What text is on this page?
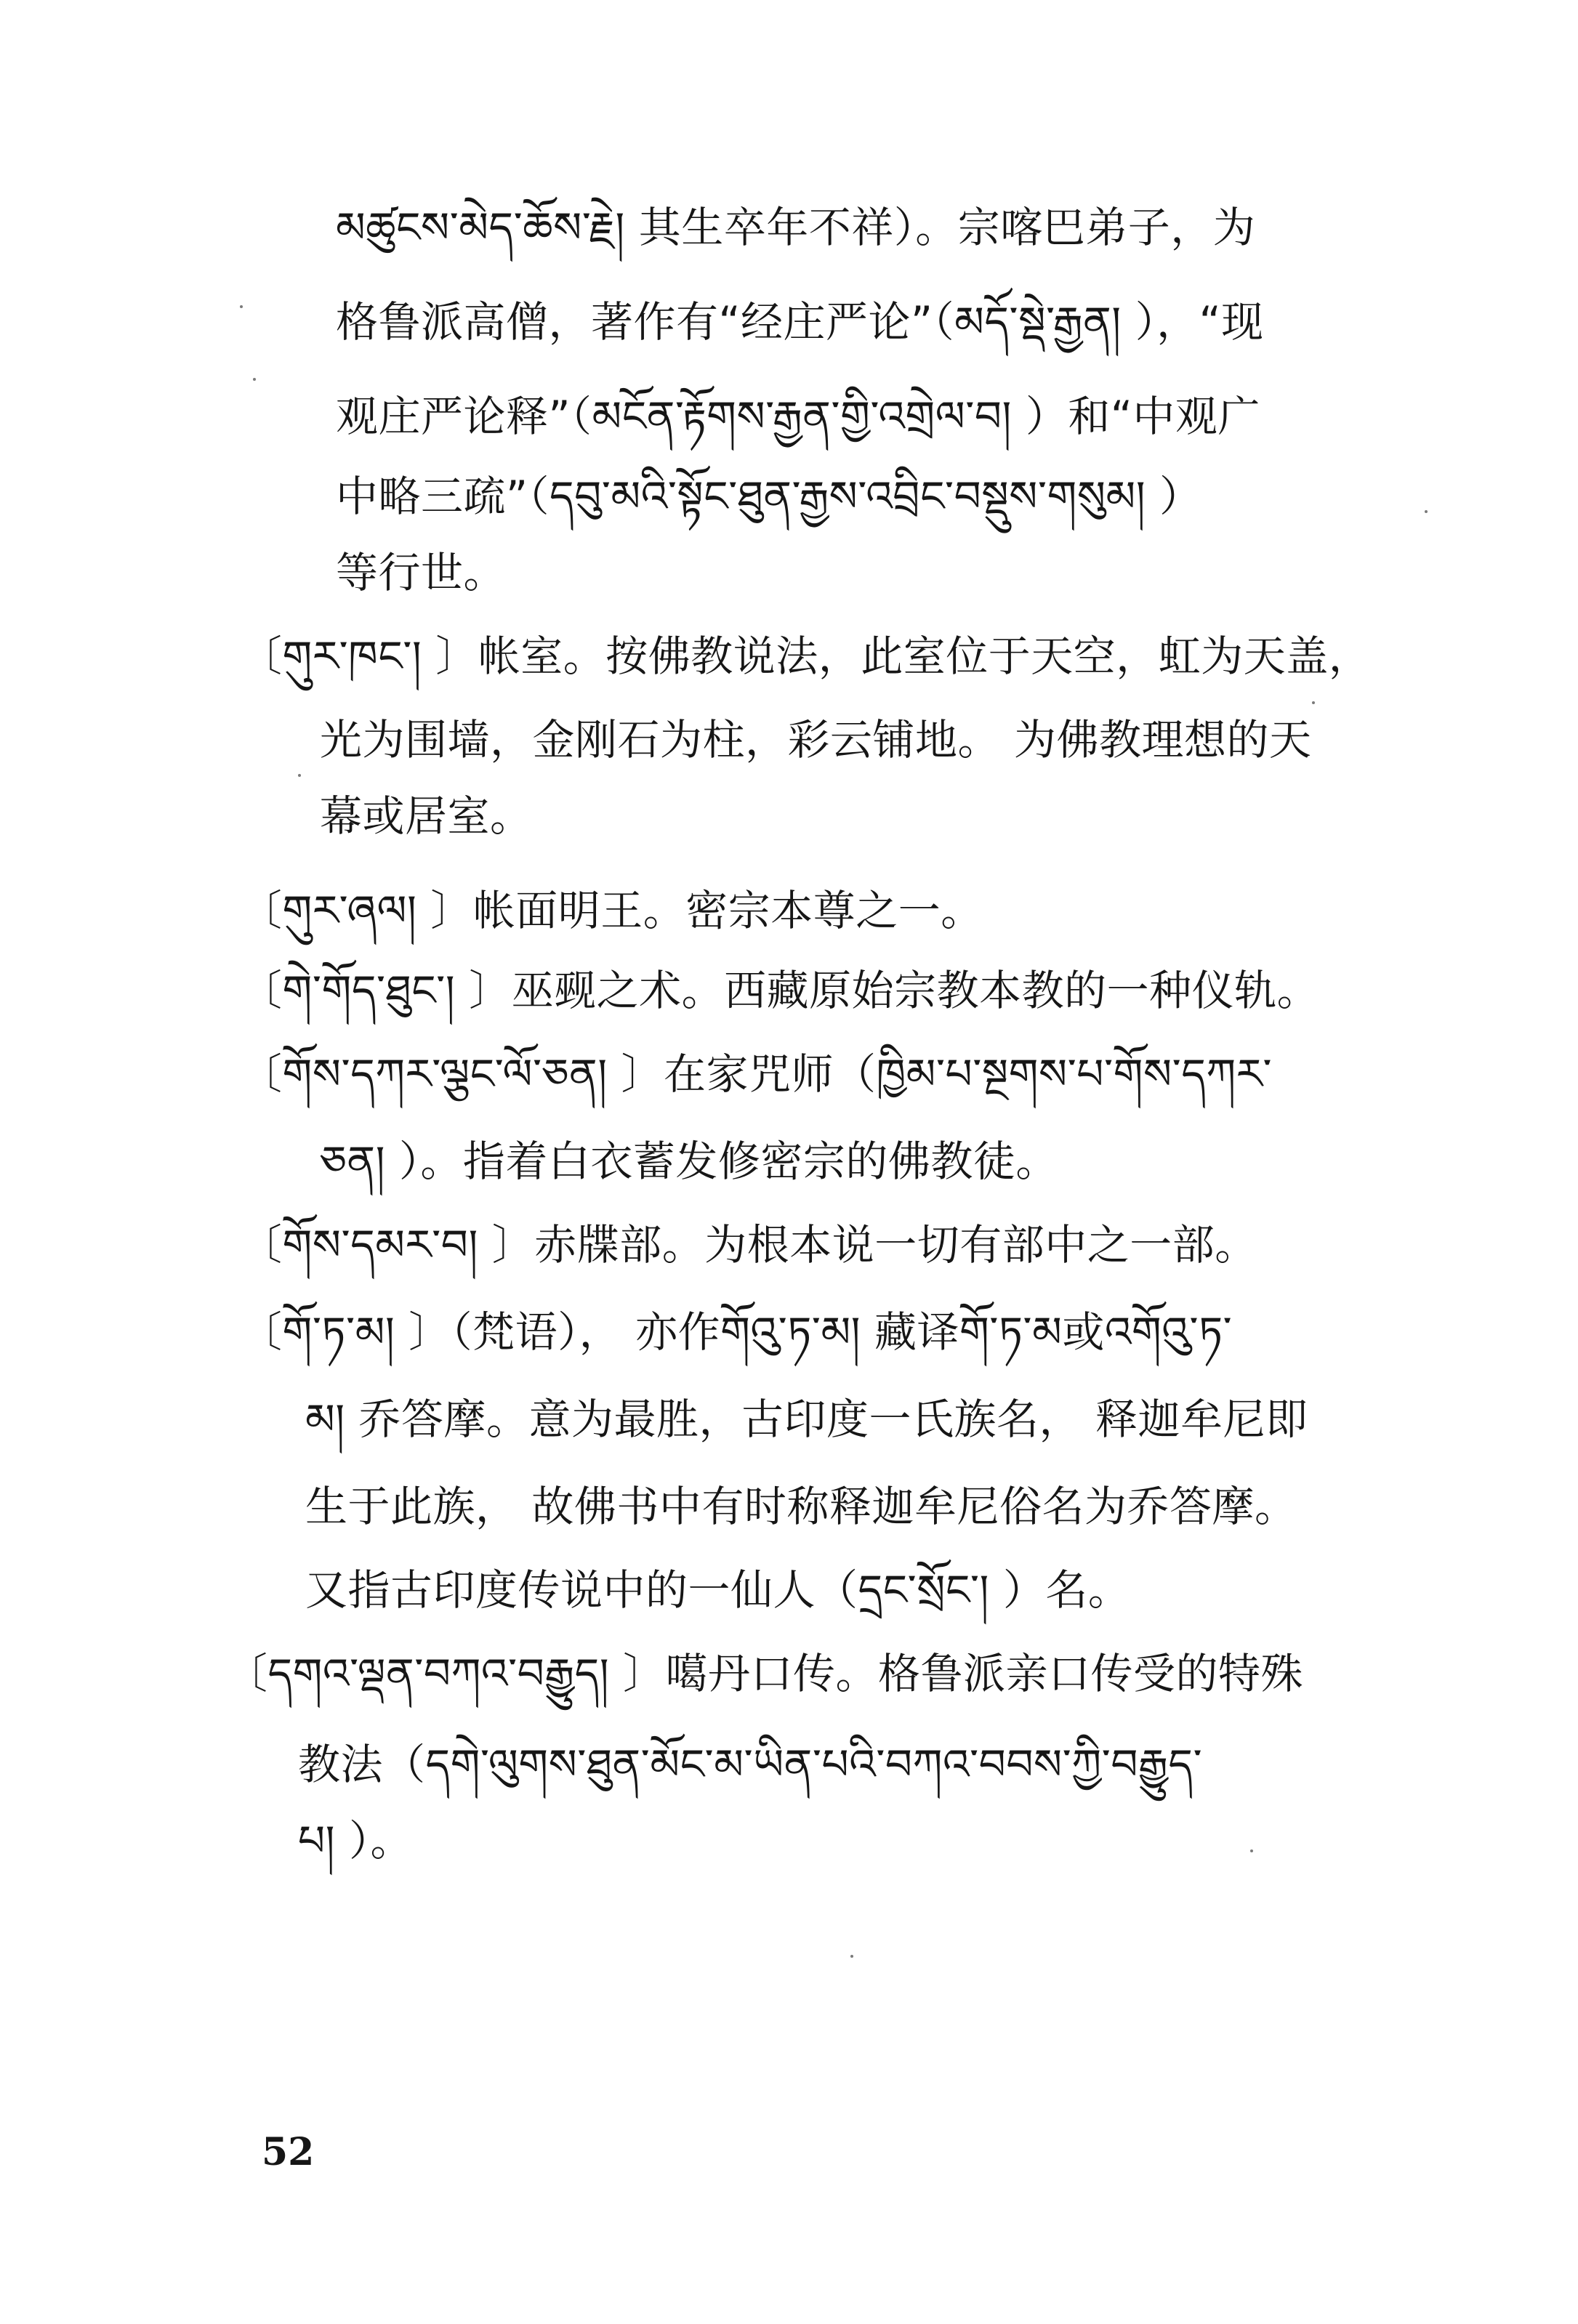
མཚུངས་མེད་ཆོས་རྗེ། 其生卒年不祥）。宗喀巴弟子，为
格鲁派高僧，著作有“经庄严论”（མདོ་སྡེ་རྒྱན། ），“现
观庄严论释”（མངོན་རྟོགས་རྒྱན་གྱི་འགྲེལ་བ། ）和“中观广
中略三疏”（དབུ་མའི་སྟོང་ཐུན་རྒྱས་འབྲིང་བསྡུས་གསུམ། ）
等行世。
〔གུར་ཁང་། 〕帐室。按佛教说法，此室位于天空，虹为天盖，
光为围墙，金刚石为柱，彩云铺地。 为佛教理想的天
幕或居室。
〔གུར་ཞལ། 〕帐面明王。密宗本尊之一。
〔གེ་གོད་ཐུང་། 〕巫觋之术。西藏原始宗教本教的一种仪轨。
〔གོས་དཀར་ལྕང་ལོ་ཅན། 〕在家咒师（ཁྱིམ་པ་སྔགས་པ་གོས་དཀར་
ཅན། ）。指着白衣蓄发修密宗的佛教徒。
〔གོས་དམར་བ། 〕赤牒部。为根本说一切有部中之一部。
〔གོ་ཏ་མ། 〕（梵语）， 亦作གོའུ་ཏ་མ། 藏译གོ་ཏ་མ或འགོའུ་ཏ་
མ། 乔答摩。意为最胜，古印度一氏族名， 释迦牟尼即
生于此族， 故佛书中有时称释迦牟尼俗名为乔答摩。
又指古印度传说中的一仙人（དྲང་སྲོང་། ）名。
〔དགའ་ལྡན་བཀའ་བརྒྱུད། 〕噶丹口传。格鲁派亲口传受的特殊
教法（དགེ་ལུགས་ཐུན་མོང་མ་ཡིན་པའི་བཀའ་བབས་ཀྱི་བརྒྱུད་
པ། ）。
52
